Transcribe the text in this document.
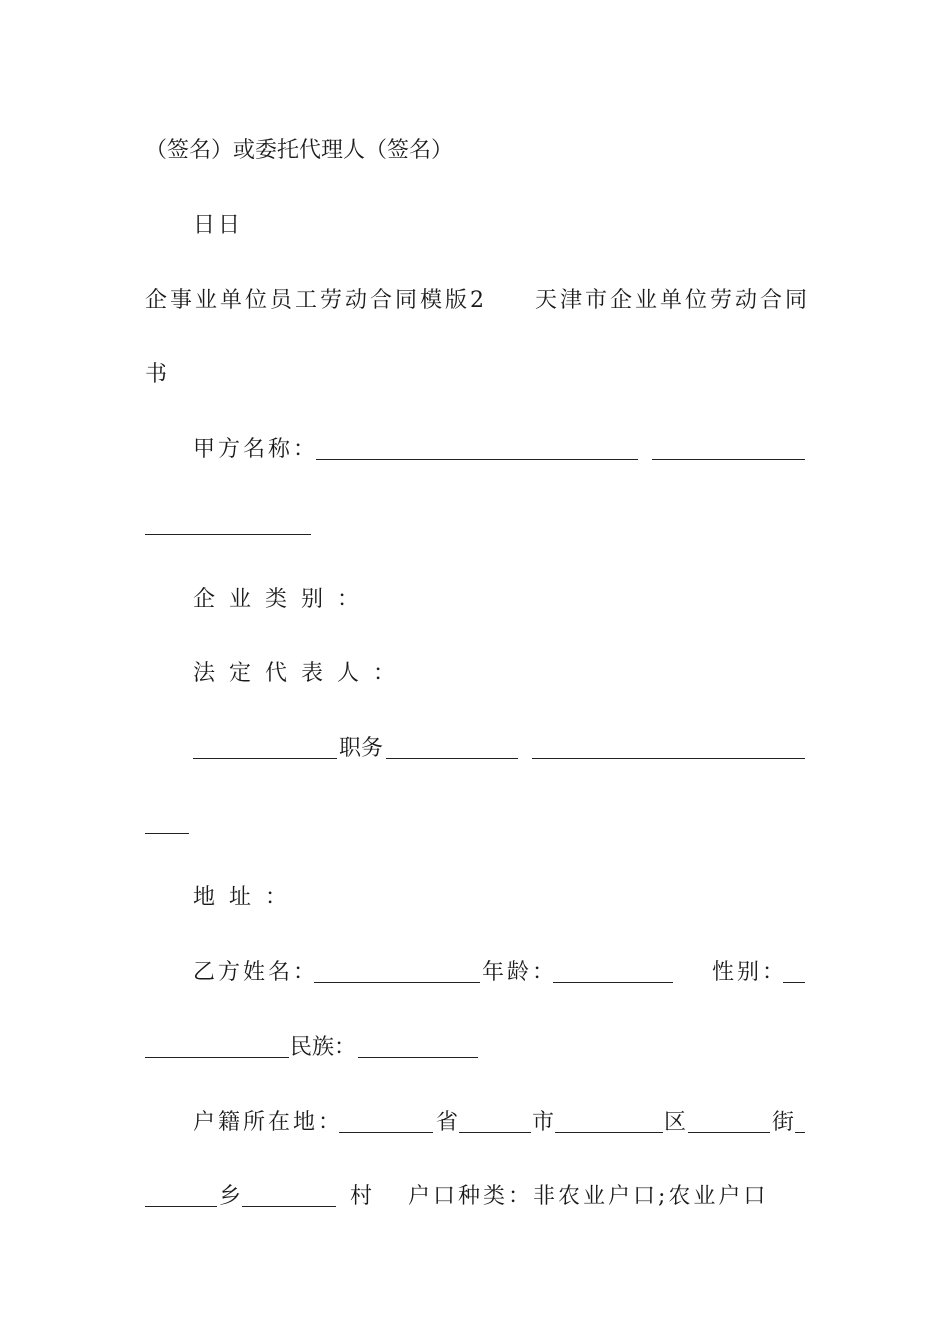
（签名）或委托代理人（签名）
日日
企事业单位员工劳动合同模版2 天津市企业单位劳动合同
书
甲方名称：
企业类别：
法定代表人：
职务
地址：
乙方姓名：	年龄：	性别：
民族：
户籍所在地：	省	市	区	街
乡	村 户口种类：非农业户口;农业户口
